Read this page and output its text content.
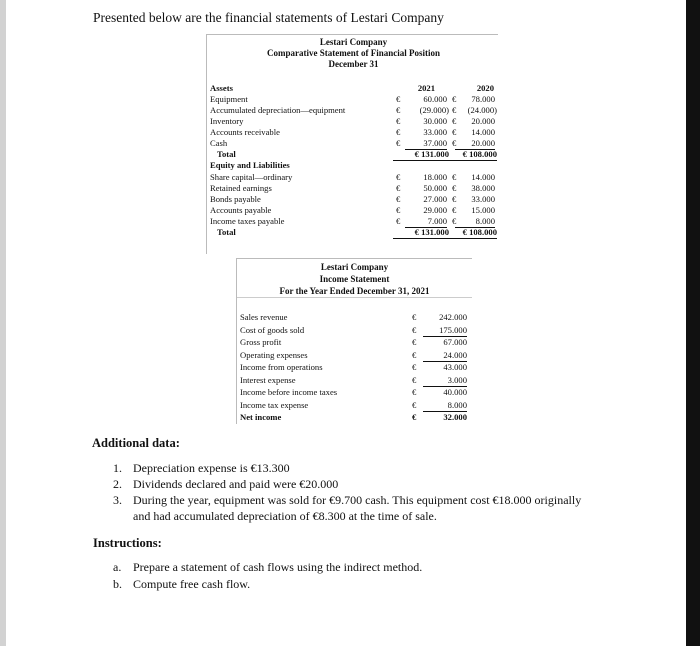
Presented below are the financial statements of Lestari Company
Lestari Company
Comparative Statement of Financial Position
December 31
Assets	2021	2020
Equipment	€	60.000 €	78.000
Accumulated depreciation—equipment	€	(29.000) €	(24.000)
Inventory	€	30.000 €	20.000
Accounts receivable	€	33.000 €	14.000
Cash	€	37.000 €	20.000
Total	€ 131.000	€ 108.000
Equity and Liabilities
Share capital—ordinary	€	18.000 €	14.000
Retained earnings	€	50.000 €	38.000
Bonds payable	€	27.000 €	33.000
Accounts payable	€	29.000 €	15.000
Income taxes payable	€	7.000 €	8.000
Total	€ 131.000	€ 108.000
Lestari Company
Income Statement
For the Year Ended December 31, 2021
Sales revenue	€	242.000
Cost of goods sold	€	175.000
Gross profit	€	67.000
Operating expenses	€	24.000
Income from operations	€	43.000
Interest expense	€	3.000
Income before income taxes	€	40.000
Income tax expense	€	8.000
Net income	€	32.000
Additional data:
1. Depreciation expense is €13.300
2. Dividends declared and paid were €20.000
3. During the year, equipment was sold for €9.700 cash. This equipment cost €18.000 originally
and had accumulated depreciation of €8.300 at the time of sale.
Instructions:
a. Prepare a statement of cash flows using the indirect method.
b. Compute free cash flow.
